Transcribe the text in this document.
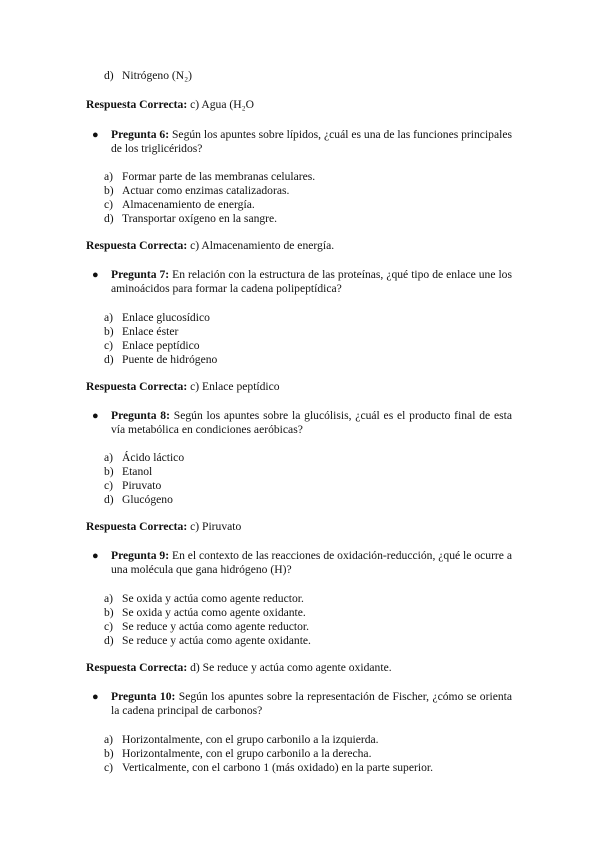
d) Nitrógeno (N₂)
Respuesta Correcta: c) Agua (H₂O
● Pregunta 6: Según los apuntes sobre lípidos, ¿cuál es una de las funciones principales de los triglicéridos?
a) Formar parte de las membranas celulares.
b) Actuar como enzimas catalizadoras.
c) Almacenamiento de energía.
d) Transportar oxígeno en la sangre.
Respuesta Correcta: c) Almacenamiento de energía.
● Pregunta 7: En relación con la estructura de las proteínas, ¿qué tipo de enlace une los aminoácidos para formar la cadena polipeptídica?
a) Enlace glucosídico
b) Enlace éster
c) Enlace peptídico
d) Puente de hidrógeno
Respuesta Correcta: c) Enlace peptídico
● Pregunta 8: Según los apuntes sobre la glucólisis, ¿cuál es el producto final de esta vía metabólica en condiciones aeróbicas?
a) Ácido láctico
b) Etanol
c) Piruvato
d) Glucógeno
Respuesta Correcta: c) Piruvato
● Pregunta 9: En el contexto de las reacciones de oxidación-reducción, ¿qué le ocurre a una molécula que gana hidrógeno (H)?
a) Se oxida y actúa como agente reductor.
b) Se oxida y actúa como agente oxidante.
c) Se reduce y actúa como agente reductor.
d) Se reduce y actúa como agente oxidante.
Respuesta Correcta: d) Se reduce y actúa como agente oxidante.
● Pregunta 10: Según los apuntes sobre la representación de Fischer, ¿cómo se orienta la cadena principal de carbonos?
a) Horizontalmente, con el grupo carbonilo a la izquierda.
b) Horizontalmente, con el grupo carbonilo a la derecha.
c) Verticalmente, con el carbono 1 (más oxidado) en la parte superior.
